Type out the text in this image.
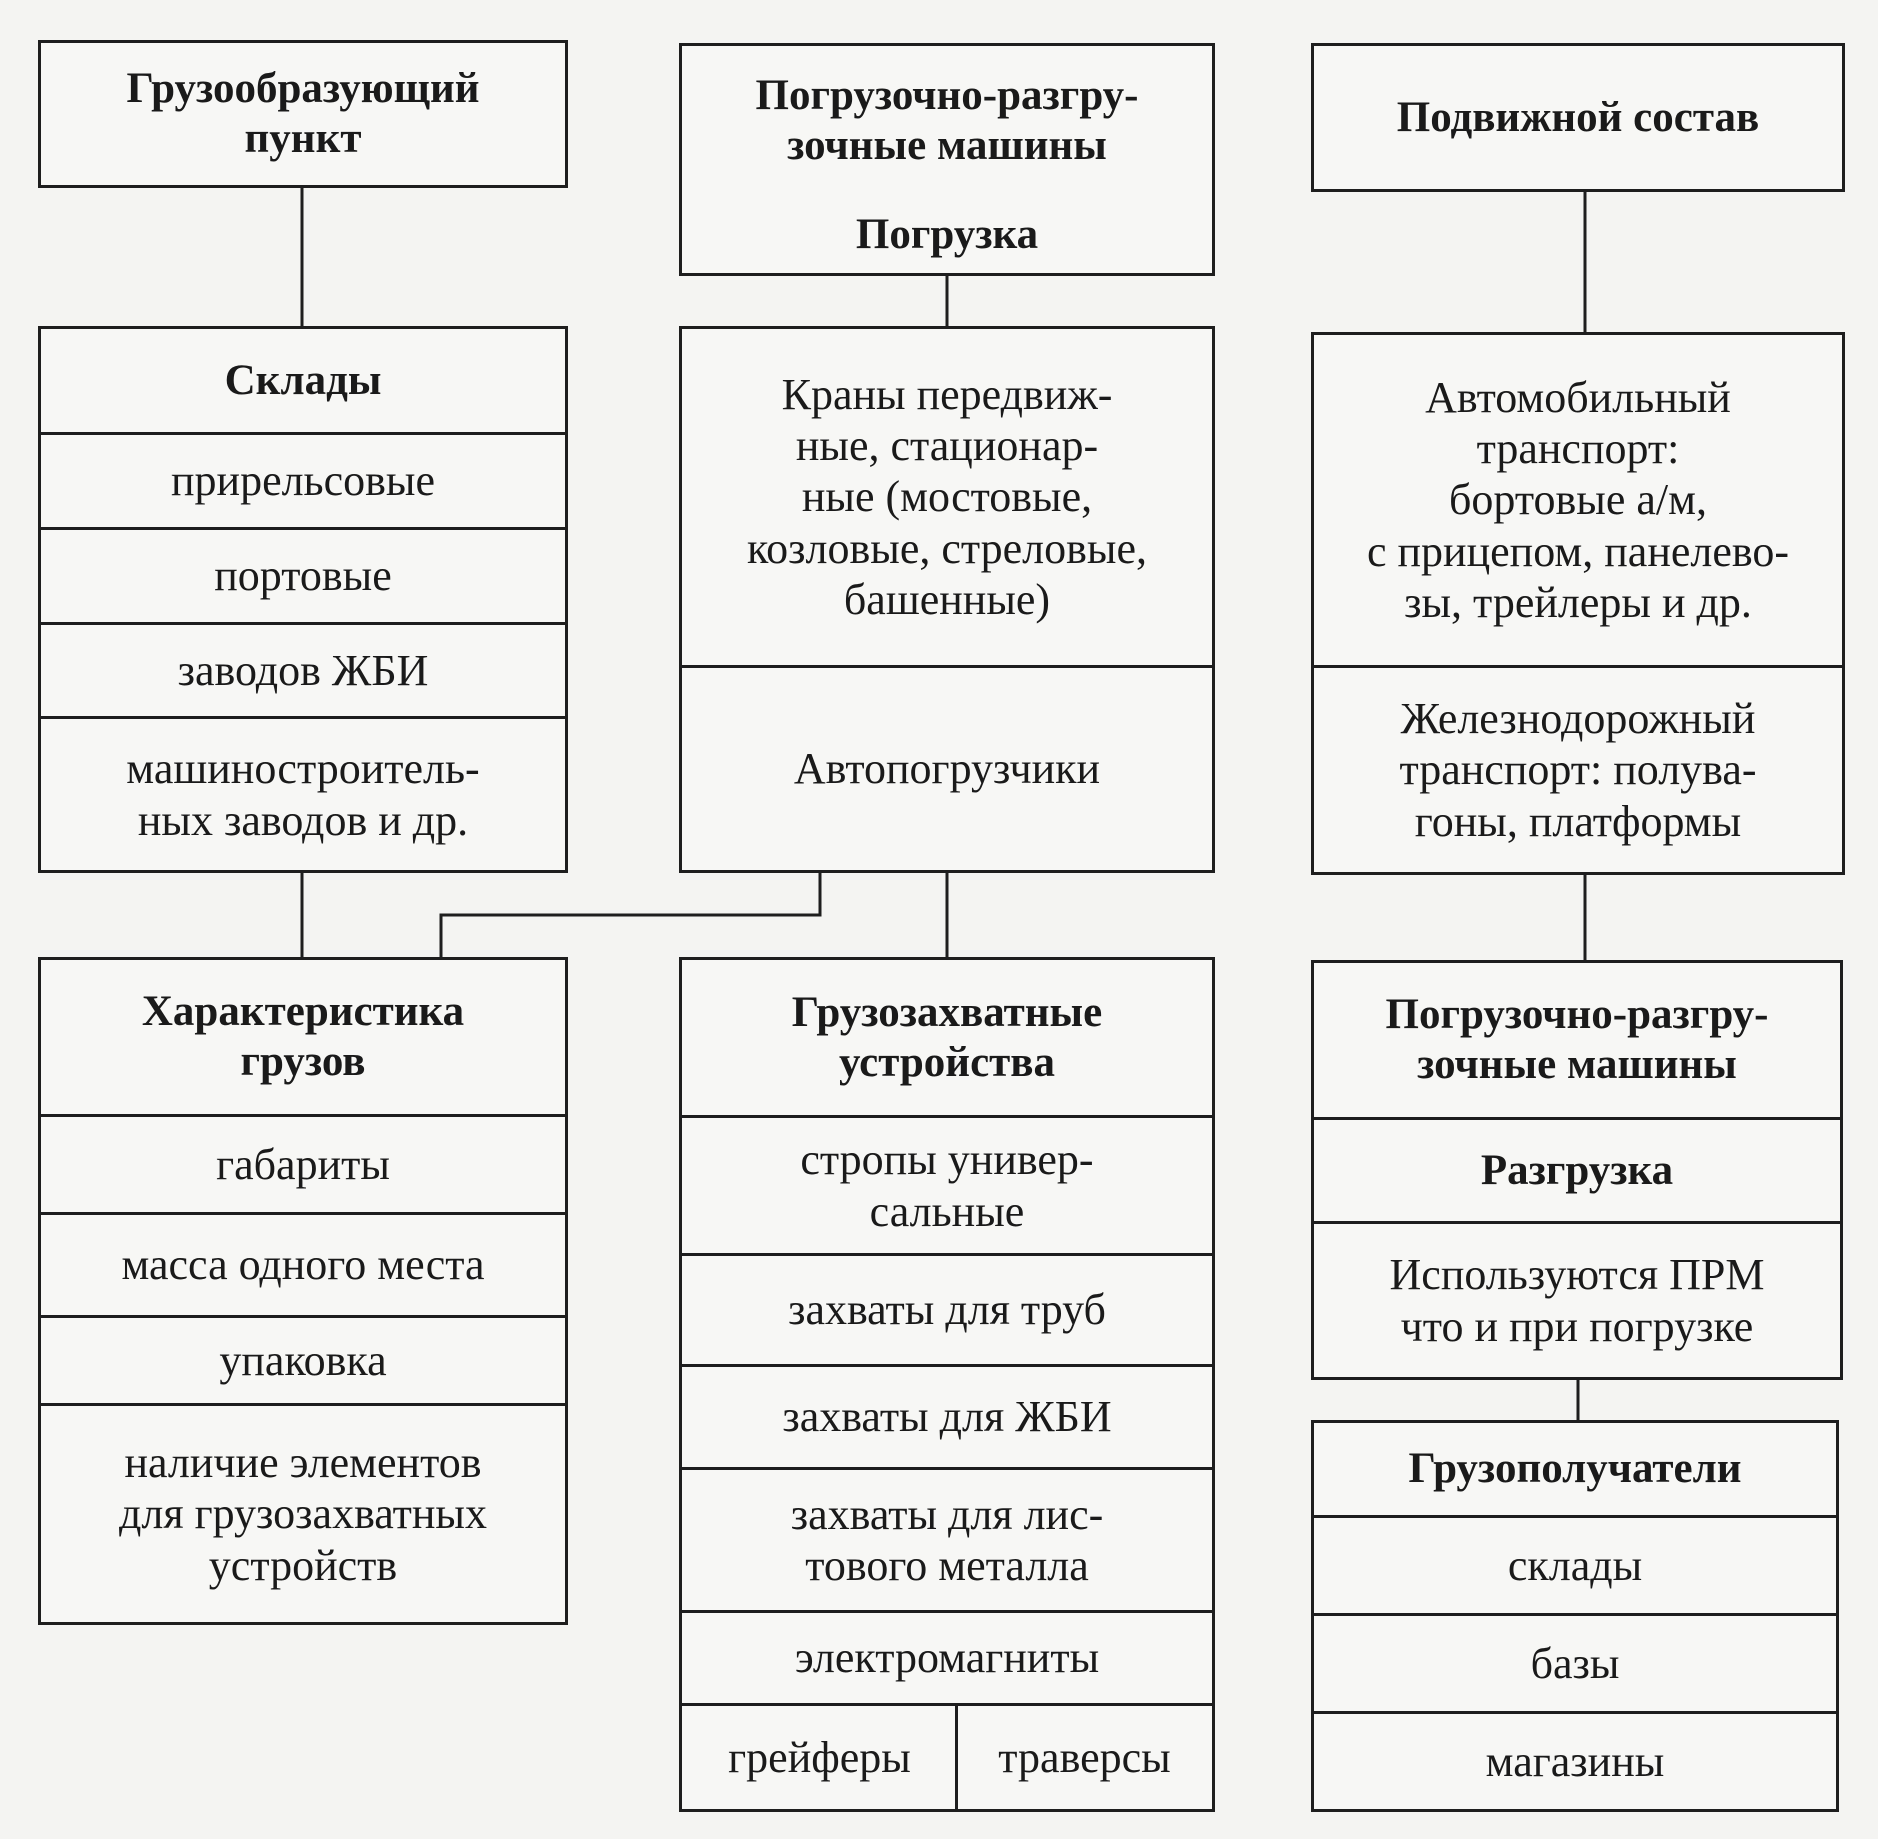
Грузообразующий
пункт
Склады
прирельсовые
портовые
заводов ЖБИ
машиностроитель-
ных заводов и др.
Характеристика
грузов
габариты
масса одного места
упаковка
наличие элементов
для грузозахватных
устройств
Погрузочно-разгру-
зочные машины
Погрузка
Краны передвиж-
ные, стационар-
ные (мостовые,
козловые, стреловые,
башенные)
Автопогрузчики
Грузозахватные
устройства
стропы универ-
сальные
захваты для труб
захваты для ЖБИ
захваты для лис-
тового металла
электромагниты
грейферы	траверсы
Подвижной состав
Автомобильный
транспорт:
бортовые а/м,
с прицепом, панелево-
зы, трейлеры и др.
Железнодорожный
транспорт: полува-
гоны, платформы
Погрузочно-разгру-
зочные машины
Разгрузка
Используются ПРМ
что и при погрузке
Грузополучатели
склады
базы
магазины
